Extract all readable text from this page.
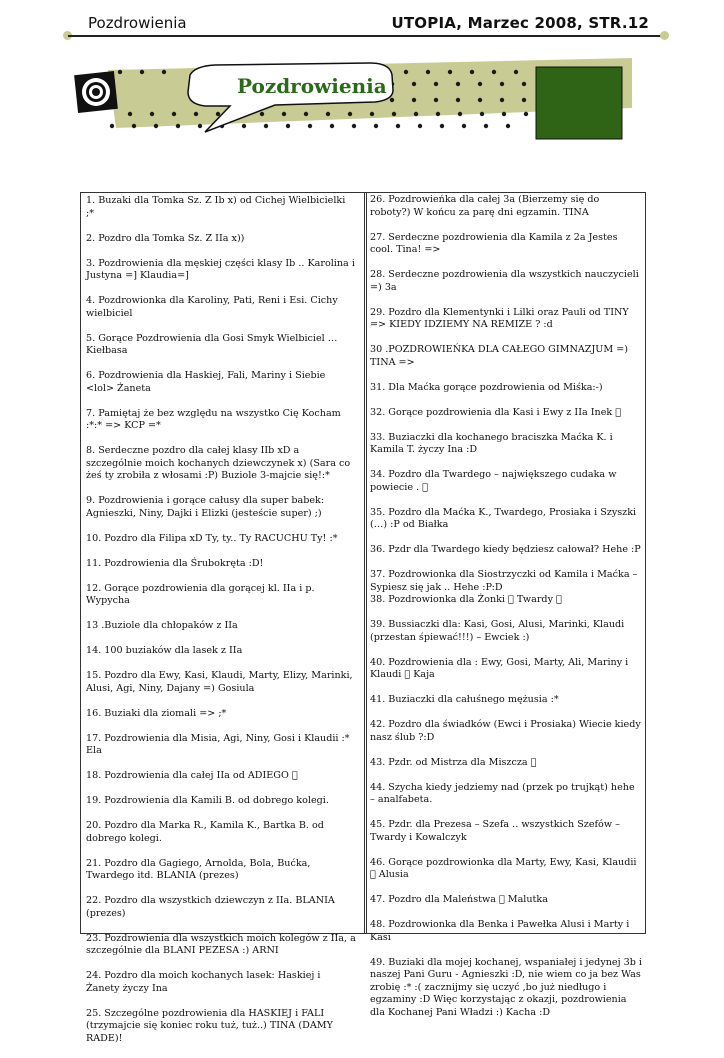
Pozdrowienia	UTOPIA, Marzec 2008, STR.12
Pozdrowienia

1. Buzaki dla Tomka Sz. Z Ib x) od Cichej Wielbicielki ;*

2. Pozdro dla Tomka Sz. Z IIa x))

3. Pozdrowienia dla męskiej części klasy Ib .. Karolina i Justyna =] Klaudia=]

4. Pozdrowionka dla Karoliny, Pati, Reni i Esi. Cichy wielbiciel

5. Gorące Pozdrowienia dla Gosi Smyk Wielbiciel … Kiełbasa

6. Pozdrowienia dla Haskiej, Fali, Mariny i Siebie <lol> Żaneta

7. Pamiętaj że bez względu na wszystko Cię Kocham :*:* => KCP =*

8. Serdeczne pozdro dla całej klasy IIb xD a szczególnie moich kochanych dziewczynek x) (Sara co żeś ty zrobiła z włosami :P) Buziole 3-majcie się!:*

9. Pozdrowienia i gorące całusy dla super babek: Agnieszki, Niny, Dajki i Elizki (jesteście super) ;)

10. Pozdro dla Filipa xD Ty, ty.. Ty RACUCHU Ty! :*

11. Pozdrowienia dla Śrubokręta :D!

12. Gorące pozdrowienia dla gorącej kl. IIa i p. Wypycha

13 .Buziole dla chłopaków z IIa

14. 100 buziaków dla lasek z IIa

15. Pozdro dla Ewy, Kasi, Klaudi, Marty, Elizy, Marinki, Alusi, Agi, Niny, Dajany =) Gosiula

16. Buziaki dla ziomali => ;*

17. Pozdrowienia dla Misia, Agi, Niny, Gosi i Klaudii :* Ela

18. Pozdrowienia dla całej IIa od ADIEGO

19. Pozdrowienia dla Kamili B. od dobrego kolegi.

20. Pozdro dla Marka R., Kamila K., Bartka B. od dobrego kolegi.

21. Pozdro dla Gagiego, Arnolda, Bola, Bućka, Twardego itd. BLANIA (prezes)

22. Pozdro dla wszystkich dziewczyn z IIa. BLANIA (prezes)

23. Pozdrowienia dla wszystkich moich kolegów z IIa, a szczególnie dla BLANI PEZESA :) ARNI

24. Pozdro dla moich kochanych lasek: Haskiej i Żanety życzy Ina

25. Szczególne pozdrowienia dla HASKIEJ i FALI (trzymajcie się koniec roku tuż, tuż..) TINA (DAMY RADE)!

26. Pozdrowieńka dla całej 3a (Bierzemy się do roboty?) W końcu za parę dni egzamin. TINA

27. Serdeczne pozdrowienia dla Kamila z 2a Jestes cool. Tina! =>

28. Serdeczne pozdrowienia dla wszystkich nauczycieli =) 3a

29. Pozdro dla Klementynki i Lilki oraz Pauli od TINY => KIEDY IDZIEMY NA REMIZE ? :d

30 .POZDROWIEŃKA DLA CAŁEGO GIMNAZJUM =) TINA =>

31. Dla Maćka gorące pozdrowienia od Miśka:-)

32. Gorące pozdrowienia dla Kasi i Ewy z IIa Inek

33. Buziaczki dla kochanego braciszka Maćka K. i Kamila T. życzy Ina :D

34. Pozdro dla Twardego – największego cudaka w powiecie .

35. Pozdro dla Maćka K., Twardego, Prosiaka i Szyszki (…) :P od Białka

36. Pzdr dla Twardego kiedy będziesz całował? Hehe :P

37. Pozdrowionka dla Siostrzyczki od Kamila i Maćka – Sypiesz się jak .. Hehe :P:D
38. Pozdrowionka dla Żonki Twardy

39. Bussiaczki dla: Kasi, Gosi, Alusi, Marinki, Klaudi (przestan śpiewać!!!) – Ewciek :)

40. Pozdrowienia dla : Ewy, Gosi, Marty, Ali, Mariny i Klaudi Kaja

41. Buziaczki dla całuśnego mężusia :*

42. Pozdro dla świadków (Ewci i Prosiaka) Wiecie kiedy nasz ślub ?:D

43. Pzdr. od Mistrza dla Miszcza

44. Szycha kiedy jedziemy nad (przek po trujkąt) hehe – analfabeta.

45. Pzdr. dla Prezesa – Szefa .. wszystkich Szefów – Twardy i Kowalczyk

46. Gorące pozdrowionka dla Marty, Ewy, Kasi, Klaudii Alusia

47. Pozdro dla Maleństwa Malutka

48. Pozdrowionka dla Benka i Pawełka Alusi i Marty i Kasi

49. Buziaki dla mojej kochanej, wspaniałej i jedynej 3b i naszej Pani Guru - Agnieszki :D, nie wiem co ja bez Was zrobię :* :( zacznijmy się uczyć ,bo już niedługo i egzaminy :D Więc korzystając z okazji, pozdrowienia dla Kochanej Pani Władzi :) Kacha :D
